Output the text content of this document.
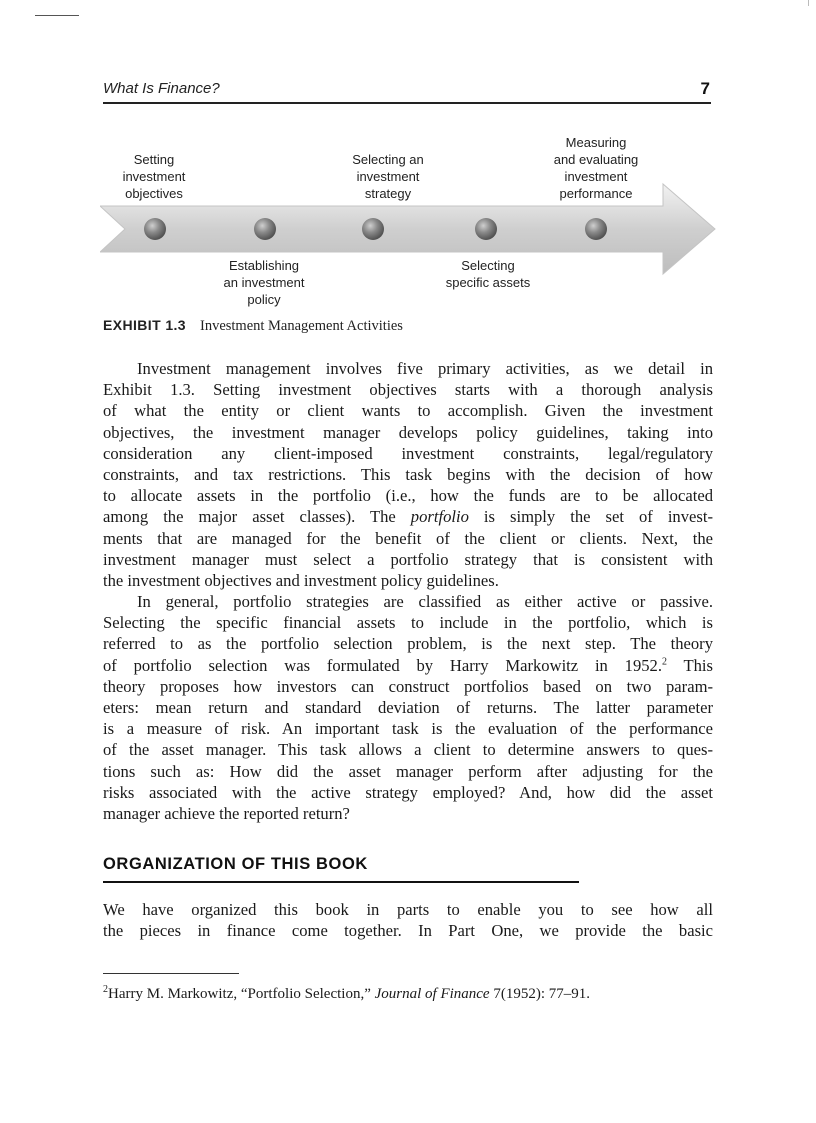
What Is Finance?	7
Setting
investment
objectives
Selecting an
investment
strategy
Measuring
and evaluating
investment
performance
Establishing
an investment
policy
Selecting
specific assets
EXHIBIT 1.3 Investment Management Activities
Investment management involves five primary activities, as we detail in
Exhibit 1.3. Setting investment objectives starts with a thorough analysis
of what the entity or client wants to accomplish. Given the investment
objectives, the investment manager develops policy guidelines, taking into
consideration any client-imposed investment constraints, legal/regulatory
constraints, and tax restrictions. This task begins with the decision of how
to allocate assets in the portfolio (i.e., how the funds are to be allocated
among the major asset classes). The portfolio is simply the set of invest-
ments that are managed for the benefit of the client or clients. Next, the
investment manager must select a portfolio strategy that is consistent with
the investment objectives and investment policy guidelines.
In general, portfolio strategies are classified as either active or passive.
Selecting the specific financial assets to include in the portfolio, which is
referred to as the portfolio selection problem, is the next step. The theory
of portfolio selection was formulated by Harry Markowitz in 1952.$^2$ This
theory proposes how investors can construct portfolios based on two param-
eters: mean return and standard deviation of returns. The latter parameter
is a measure of risk. An important task is the evaluation of the performance
of the asset manager. This task allows a client to determine answers to ques-
tions such as: How did the asset manager perform after adjusting for the
risks associated with the active strategy employed? And, how did the asset
manager achieve the reported return?
ORGANIZATION OF THIS BOOK
We have organized this book in parts to enable you to see how all
the pieces in finance come together. In Part One, we provide the basic
$^2$Harry M. Markowitz, “Portfolio Selection,” Journal of Finance 7(1952): 77–91.
